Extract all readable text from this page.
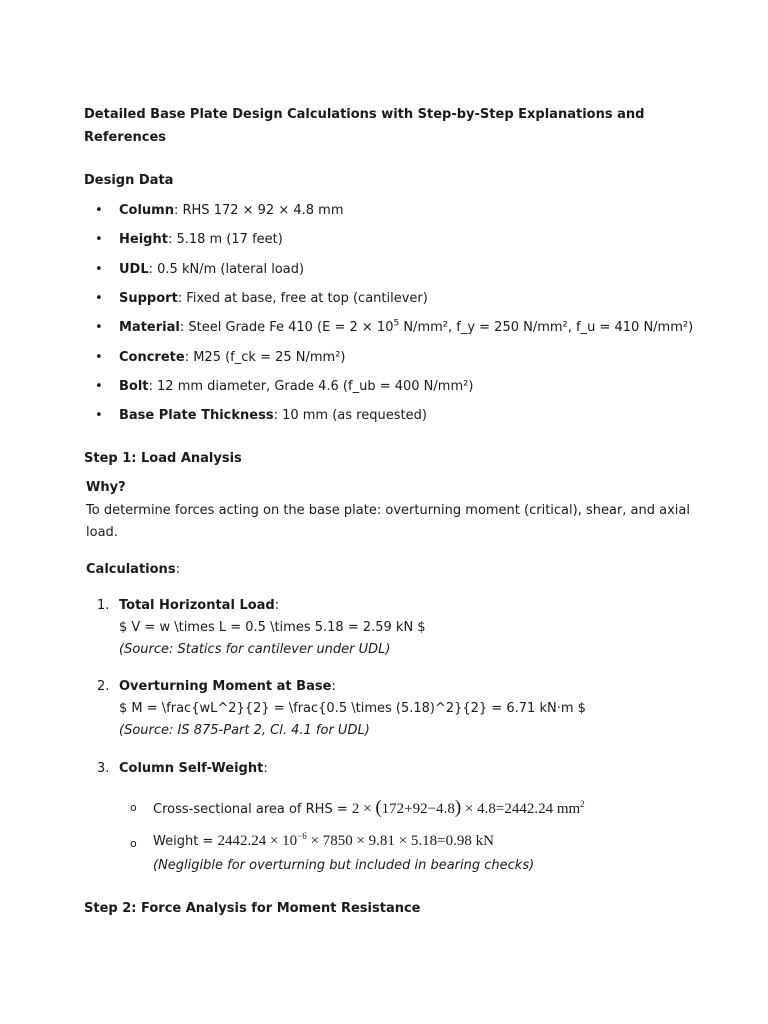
Detailed Base Plate Design Calculations with Step-by-Step Explanations and
References
Design Data
• Column: RHS 172 × 92 × 4.8 mm
• Height: 5.18 m (17 feet)
• UDL: 0.5 kN/m (lateral load)
• Support: Fixed at base, free at top (cantilever)
• Material: Steel Grade Fe 410 ($E = 2 \times 10^5$ N/mm², f_y = 250 N/mm², f_u = 410 N/mm²)
• Concrete: M25 (f_ck = 25 N/mm²)
• Bolt: 12 mm diameter, Grade 4.6 (f_ub = 400 N/mm²)
• Base Plate Thickness: 10 mm (as requested)
Step 1: Load Analysis
Why?
To determine forces acting on the base plate: overturning moment (critical), shear, and axial
load.
Calculations:
1. Total Horizontal Load:
$ V = w \times L = 0.5 \times 5.18 = 2.59 kN $
(Source: Statics for cantilever under UDL)
2. Overturning Moment at Base:
$ M = \frac{wL^2}{2} = \frac{0.5 \times (5.18)^2}{2} = 6.71 kN·m $
(Source: IS 875-Part 2, Cl. 4.1 for UDL)
3. Column Self-Weight:
o Cross-sectional area of RHS = 2 × (172+92−4.8) × 4.8=2442.24 $mm^2$
o Weight = $2442.24 \times 10^{-6} \times 7850 \times 9.81 \times 5.18=0.98$ kN
(Negligible for overturning but included in bearing checks)
Step 2: Force Analysis for Moment Resistance
